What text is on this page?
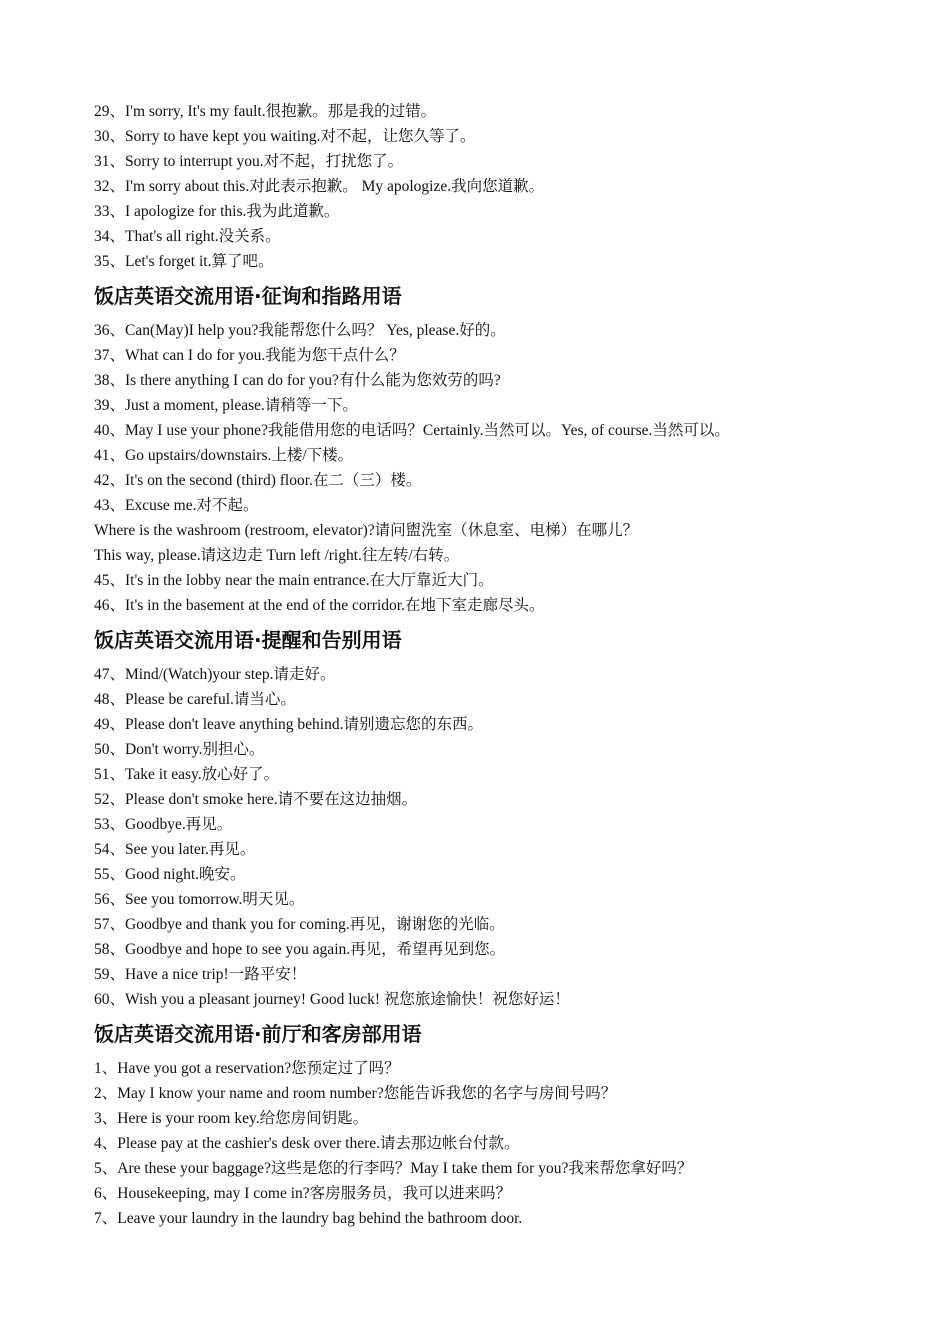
29、I'm sorry, It's my fault.很抱歉。那是我的过错。
30、Sorry to have kept you waiting.对不起，让您久等了。
31、Sorry to interrupt you.对不起，打扰您了。
32、I'm sorry about this.对此表示抱歉。 My apologize.我向您道歉。
33、I apologize for this.我为此道歉。
34、That's all right.没关系。
35、Let's forget it.算了吧。
饭店英语交流用语·征询和指路用语
36、Can(May)I help you?我能帮您什么吗？ Yes, please.好的。
37、What can I do for you.我能为您干点什么？
38、Is there anything I can do for you?有什么能为您效劳的吗?
39、Just a moment, please.请稍等一下。
40、May I use your phone?我能借用您的电话吗？Certainly.当然可以。Yes, of course.当然可以。
41、Go upstairs/downstairs.上楼/下楼。
42、It's on the second (third) floor.在二（三）楼。
43、Excuse me.对不起。
Where is the washroom (restroom, elevator)?请问盥洗室（休息室、电梯）在哪儿？
This way, please.请这边走 Turn left /right.往左转/右转。
45、It's in the lobby near the main entrance.在大厅靠近大门。
46、It's in the basement at the end of the corridor.在地下室走廊尽头。
饭店英语交流用语·提醒和告别用语
47、Mind/(Watch)your step.请走好。
48、Please be careful.请当心。
49、Please don't leave anything behind.请别遗忘您的东西。
50、Don't worry.别担心。
51、Take it easy.放心好了。
52、Please don't smoke here.请不要在这边抽烟。
53、Goodbye.再见。
54、See you later.再见。
55、Good night.晚安。
56、See you tomorrow.明天见。
57、Goodbye and thank you for coming.再见，谢谢您的光临。
58、Goodbye and hope to see you again.再见，希望再见到您。
59、Have a nice trip!一路平安！
60、Wish you a pleasant journey! Good luck! 祝您旅途愉快！祝您好运！
饭店英语交流用语·前厅和客房部用语
1、Have you got a reservation?您预定过了吗？
2、May I know your name and room number?您能告诉我您的名字与房间号吗？
3、Here is your room key.给您房间钥匙。
4、Please pay at the cashier's desk over there.请去那边帐台付款。
5、Are these your baggage?这些是您的行李吗？May I take them for you?我来帮您拿好吗？
6、Housekeeping, may I come in?客房服务员，我可以进来吗？
7、Leave your laundry in the laundry bag behind the bathroom door.
